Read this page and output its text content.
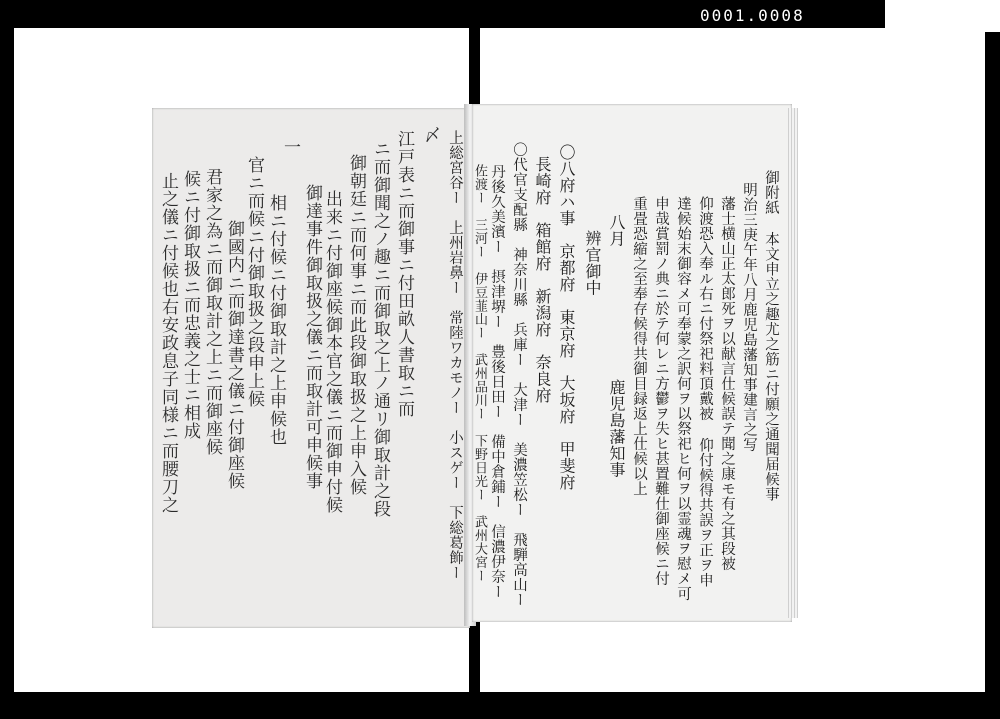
0001.0008
上総宮谷ー　上州岩鼻ー　常陸ワカモノー　小スゲー　下総葛飾ー
〆
江戸表ニ而御事ニ付田畝人書取ニ而
ニ而御聞之ノ趣ニ而御取之上ノ通リ御取計之段
御朝廷ニ而何事ニ而此段御取扱之上申入候
出来ニ付御座候御本官之儀ニ而御申付候
御達事件御取扱之儀ニ而取計可申候事
一
相ニ付候ニ付御取計之上申候也
官ニ而候ニ付御取扱之段申上候
御國内ニ而御達書之儀ニ付御座候
君家之為ニ而御取計之上ニ而御座候
候ニ付御取扱ニ而忠義之士ニ相成
止之儀ニ付候也右安政息子同様ニ而腰刀之	御附紙 本文申立之趣尤之筋ニ付願之通聞届候事
明治三庚午年八月鹿児島藩知事建言之写
藩士横山正太郎死ヲ以献言仕候誤テ聞之康モ有之其段被
仰渡恐入奉ル右ニ付祭祀料頂戴被 仰付候得共誤ヲ正ヲ申
達候始末御容メ可奉蒙之訳何ヲ以祭祀ヒ何ヲ以霊魂ヲ慰メ可
申哉賞罰ノ典ニ於テ何レニ方鬱ヲ失ヒ甚置難仕御座候ニ付
重畳恐縮之至奉存候得共御目録返上仕候以上
八月　　　　　　　　鹿児島藩知事
辨官御中
〇八府ハ事　京都府　東京府　大坂府　甲斐府
長崎府　箱館府　新潟府　奈良府
〇代官支配縣　神奈川縣　兵庫ー　大津ー　美濃笠松ー　飛騨高山ー
丹後久美濱ー　摂津堺ー　豊後日田ー　備中倉鋪ー　信濃伊奈ー
佐渡ー　三河ー　伊豆韮山ー　武州品川ー　下野日光ー　武州大宮ー
